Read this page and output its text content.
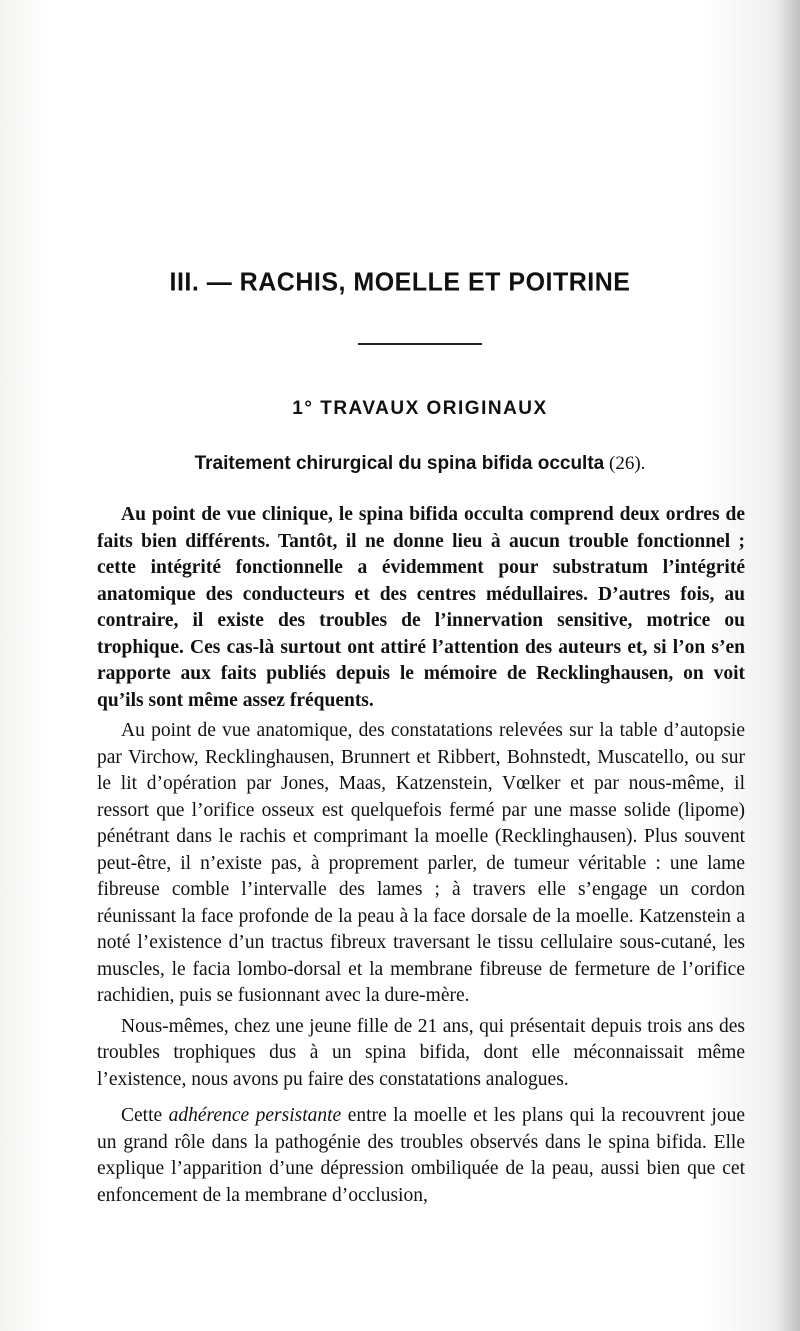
III. — RACHIS, MOELLE ET POITRINE
1° TRAVAUX ORIGINAUX
Traitement chirurgical du spina bifida occulta (26).

Au point de vue clinique, le spina bifida occulta comprend deux ordres de faits bien différents. Tantôt, il ne donne lieu à aucun trouble fonctionnel ; cette intégrité fonctionnelle a évidemment pour substratum l’intégrité anatomique des conducteurs et des centres médullaires. D’autres fois, au contraire, il existe des troubles de l’innervation sensitive, motrice ou trophique. Ces cas-là surtout ont attiré l’attention des auteurs et, si l’on s’en rapporte aux faits publiés depuis le mémoire de Recklinghausen, on voit qu’ils sont même assez fréquents.

Au point de vue anatomique, des constatations relevées sur la table d’autopsie par Virchow, Recklinghausen, Brunnert et Ribbert, Bohnstedt, Muscatello, ou sur le lit d’opération par Jones, Maas, Katzenstein, Vœlker et par nous-même, il ressort que l’orifice osseux est quelquefois fermé par une masse solide (lipome) pénétrant dans le rachis et comprimant la moelle (Recklinghausen). Plus souvent peut-être, il n’existe pas, à proprement parler, de tumeur véritable : une lame fibreuse comble l’intervalle des lames ; à travers elle s’engage un cordon réunissant la face profonde de la peau à la face dorsale de la moelle. Katzenstein a noté l’existence d’un tractus fibreux traversant le tissu cellulaire sous-cutané, les muscles, le facia lombo-dorsal et la membrane fibreuse de fermeture de l’orifice rachidien, puis se fusionnant avec la dure-mère.

Nous-mêmes, chez une jeune fille de 21 ans, qui présentait depuis trois ans des troubles trophiques dus à un spina bifida, dont elle méconnaissait même l’existence, nous avons pu faire des constatations analogues.

Cette adhérence persistante entre la moelle et les plans qui la recouvrent joue un grand rôle dans la pathogénie des troubles observés dans le spina bifida. Elle explique l’apparition d’une dépression ombiliquée de la peau, aussi bien que cet enfoncement de la membrane d’occlusion,
